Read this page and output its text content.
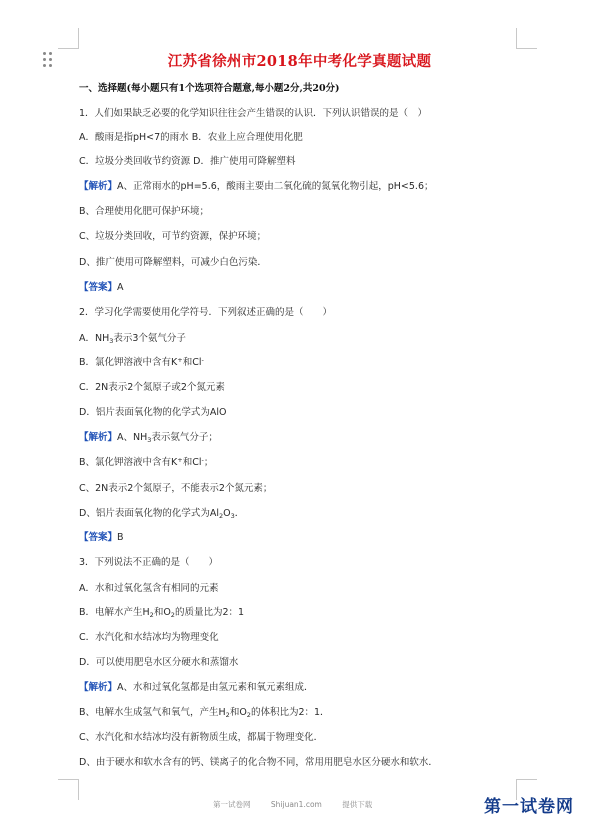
江苏省徐州市2018年中考化学真题试题
一、选择题(每小题只有1个选项符合题意,每小题2分,共20分)
1．人们如果缺乏必要的化学知识往往会产生错误的认识．下列认识错误的是（　）
A．酸雨是指pH<7的雨水 B．农业上应合理使用化肥
C．垃圾分类回收节约资源 D．推广使用可降解塑料
【解析】A、正常雨水的pH=5.6，酸雨主要由二氧化硫的氮氧化物引起，pH<5.6；
B、合理使用化肥可保护环境；
C、垃圾分类回收，可节约资源，保护环境；
D、推广使用可降解塑料，可减少白色污染．
【答案】A
2．学习化学需要使用化学符号．下列叙述正确的是（　　）
A．$NH_3$表示3个氨气分子
B．氯化钾溶液中含有K+和Cl-
C．2N表示2个氮原子或2个氮元素
D．铝片表面氧化物的化学式为AlO
【解析】A、$NH_3$表示氨气分子；
B、氯化钾溶液中含有K+和Cl-；
C、2N表示2个氮原子，不能表示2个氮元素；
D、铝片表面氧化物的化学式为$Al_2O_3$．
【答案】B
3．下列说法不正确的是（　　）
A．水和过氧化氢含有相同的元素
B．电解水产生$H_2$和$O_2$的质量比为2：1
C．水汽化和水结冰均为物理变化
D．可以使用肥皂水区分硬水和蒸馏水
【解析】A、水和过氧化氢都是由氢元素和氧元素组成．
B、电解水生成氢气和氧气，产生$H_2$和$O_2$的体积比为2：1．
C、水汽化和水结冰均没有新物质生成，都属于物理变化．
D、由于硬水和软水含有的钙、镁离子的化合物不同，常用用肥皂水区分硬水和软水．
第一试卷网	Shijuan1.com	提供下载	第一试卷网
